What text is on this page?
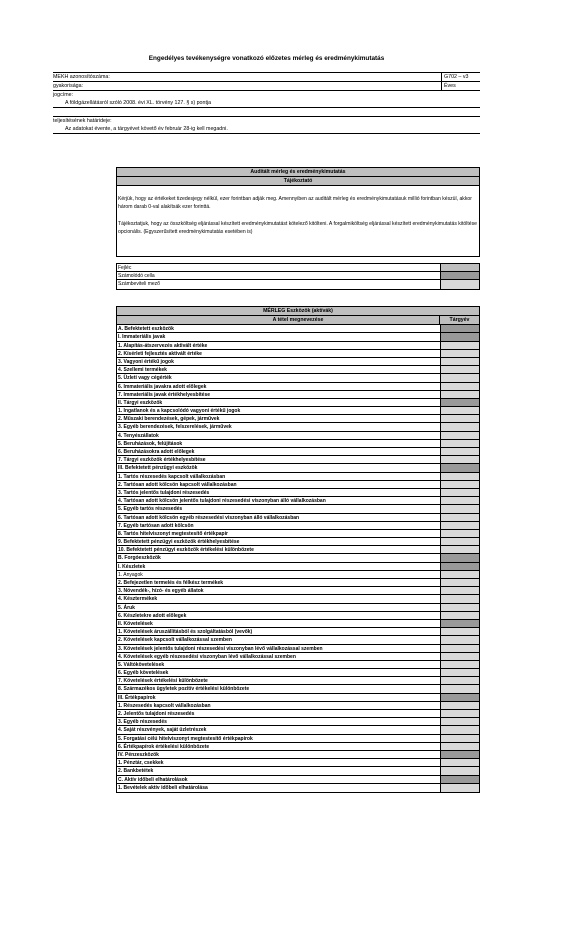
Engedélyes tevékenységre vonatkozó előzetes mérleg és eredménykimutatás
MEKH azonosítószáma:	G702 – v3
gyakorisága:	Éves
jogcíme:
A földgázellátásról szóló 2008. évi XL. törvény 127. § s) pontja
teljesítésének határideje:
Az adatokat évente, a tárgyévet követő év február 28-ig kell megadni.
Auditált mérleg és eredménykimutatás
Tájékoztató
Kérjük, hogy az értékeket tizedesjegy nélkül, ezer forintban adják meg. Amennyiben az auditált mérleg és eredménykimutatásuk millió forintban készül, akkor három darab 0-val alakítsák ezer forinttá.
Tájékoztatjuk, hogy az összköltség eljárással készített eredménykimutatást kötelező kitölteni. A forgalmiköltség eljárással készített eredménykimutatás kitöltése opcionális. (Egyszerűsített eredménykimutatás esetében is)
Fejléc
Számolódó cella
Számbeviteli mező
MÉRLEG Eszközök (aktívák)
A tétel megnevezése	Tárgyév
A. Befektetett eszközök
I. Immateriális javak
1. Alapítás-átszervezés aktivált értéke
2. Kísérleti fejlesztés aktivált értéke
3. Vagyoni értékű jogok
4. Szellemi termékek
5. Üzleti vagy cégérték
6. Immateriális javakra adott előlegek
7. Immateriális javak értékhelyesbítése
II. Tárgyi eszközök
1. Ingatlanok és a kapcsolódó vagyoni értékű jogok
2. Műszaki berendezések, gépek, járművek
3. Egyéb berendezések, felszerelések, járművek
4. Tenyészállatok
5. Beruházások, felújítások
6. Beruházásokra adott előlegek
7. Tárgyi eszközök értékhelyesbítése
III. Befektetett pénzügyi eszközök
1. Tartós részesedés kapcsolt vállalkozásban
2. Tartósan adott kölcsön kapcsolt vállalkozásban
3. Tartós jelentős tulajdoni részesedés
4. Tartósan adott kölcsön jelentős tulajdoni részesedési viszonyban álló vállalkozásban
5. Egyéb tartós részesedés
6. Tartósan adott kölcsön egyéb részesedési viszonyban álló vállalkozásban
7. Egyéb tartósan adott kölcsön
8. Tartós hitelviszonyt megtestesítő értékpapír
9. Befektetett pénzügyi eszközök értékhelyesbítése
10. Befektetett pénzügyi eszközök értékelési különbözete
B. Forgóeszközök
I. Készletek
1. Anyagok
2. Befejezetlen termelés és félkész termékek
3. Növendék-, hízó- és egyéb állatok
4. Késztermékek
5. Áruk
6. Készletekre adott előlegek
II. Követelések
1. Követelések áruszállításból és szolgáltatásból (vevők)
2. Követelések kapcsolt vállalkozással szemben
3. Követelések jelentős tulajdoni részesedési viszonyban lévő vállalkozással szemben
4. Követelések egyéb részesedési viszonyban lévő vállalkozással szemben
5. Váltókövetelések
6. Egyéb követelések
7. Követelések értékelési különbözete
8. Származékos ügyletek pozitív értékelési különbözete
III. Értékpapírok
1. Részesedés kapcsolt vállalkozásban
2. Jelentős tulajdoni részesedés
3. Egyéb részesedés
4. Saját részvények, saját üzletrészek
5. Forgatási célú hitelviszonyt megtestesítő értékpapírok
6. Értékpapírok értékelési különbözete
IV. Pénzeszközök
1. Pénztár, csekkek
2. Bankbetétek
C. Aktív időbeli elhatárolások
1. Bevételek aktív időbeli elhatárolása
